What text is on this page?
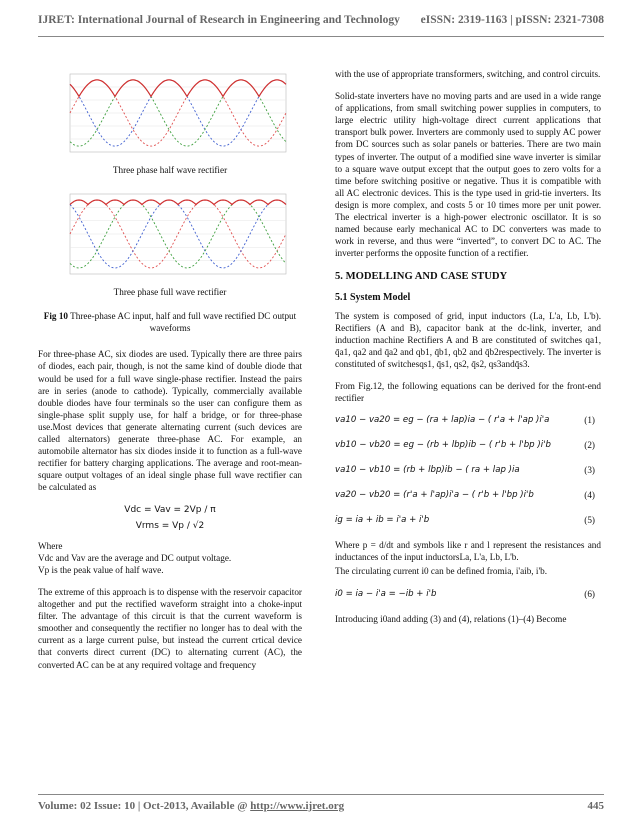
IJRET: International Journal of Research in Engineering and Technology eISSN: 2319-1163 | pISSN: 2321-7308
Three phase half wave rectifier
Three phase full wave rectifier
Fig 10 Three-phase AC input, half and full wave rectified DC output waveforms

For three-phase AC, six diodes are used. Typically there are three pairs of diodes, each pair, though, is not the same kind of double diode that would be used for a full wave single-phase rectifier. Instead the pairs are in series (anode to cathode). Typically, commercially available double diodes have four terminals so the user can configure them as single-phase split supply use, for half a bridge, or for three-phase use.Most devices that generate alternating current (such devices are called alternators) generate three-phase AC. For example, an automobile alternator has six diodes inside it to function as a full-wave rectifier for battery charging applications. The average and root-mean-square output voltages of an ideal single phase full wave rectifier can be calculated as

Vdc = Vav = 2Vp / π
Vrms = Vp / √2
Where
Vdc and Vav are the average and DC output voltage.
Vp is the peak value of half wave.

The extreme of this approach is to dispense with the reservoir capacitor altogether and put the rectified waveform straight into a choke-input filter. The advantage of this circuit is that the current waveform is smoother and consequently the rectifier no longer has to deal with the current as a large current pulse, but instead the current crtical device that converts direct current (DC) to alternating current (AC), the converted AC can be at any required voltage and frequency

with the use of appropriate transformers, switching, and control circuits.

Solid-state inverters have no moving parts and are used in a wide range of applications, from small switching power supplies in computers, to large electric utility high-voltage direct current applications that transport bulk power. Inverters are commonly used to supply AC power from DC sources such as solar panels or batteries. There are two main types of inverter. The output of a modified sine wave inverter is similar to a square wave output except that the output goes to zero volts for a time before switching positive or negative. Thus it is compatible with all AC electronic devices. This is the type used in grid-tie inverters. Its design is more complex, and costs 5 or 10 times more per unit power. The electrical inverter is a high-power electronic oscillator. It is so named because early mechanical AC to DC converters was made to work in reverse, and thus were “inverted”, to convert DC to AC. The inverter performs the opposite function of a rectifier.

5. MODELLING AND CASE STUDY
5.1 System Model

The system is composed of grid, input inductors (La, L'a, Lb, L'b). Rectifiers (A and B), capacitor bank at the dc-link, inverter, and induction machine Rectifiers A and B are constituted of switches qa1, q̄a1, qa2 and q̄a2 and qb1, q̄b1, qb2 and q̄b2respectively. The inverter is constituted of switchesqs1, q̄s1, qs2, q̄s2, qs3andq̄s3.

From Fig.12, the following equations can be derived for the front-end rectifier

va10 − va20 = eg − (ra + lap)ia − ( r'a + l'ap )i'a	(1)
vb10 − vb20 = eg − (rb + lbp)ib − ( r'b + l'bp )i'b	(2)
va10 − vb10 = (rb + lbp)ib − ( ra + lap )ia	(3)
va20 − vb20 = (r'a + l'ap)i'a − ( r'b + l'bp )i'b	(4)
ig = ia + ib = i'a + i'b	(5)

Where p = d/dt and symbols like r and l represent the resistances and inductances of the input inductorsLa, L'a, Lb, L'b.

The circulating current i0 can be defined fromia, i'aib, i'b.

i0 = ia − i'a = −ib + i'b	(6)

Introducing i0and adding (3) and (4), relations (1)–(4) Become

Volume: 02 Issue: 10 | Oct-2013, Available @ http://www.ijret.org	445
